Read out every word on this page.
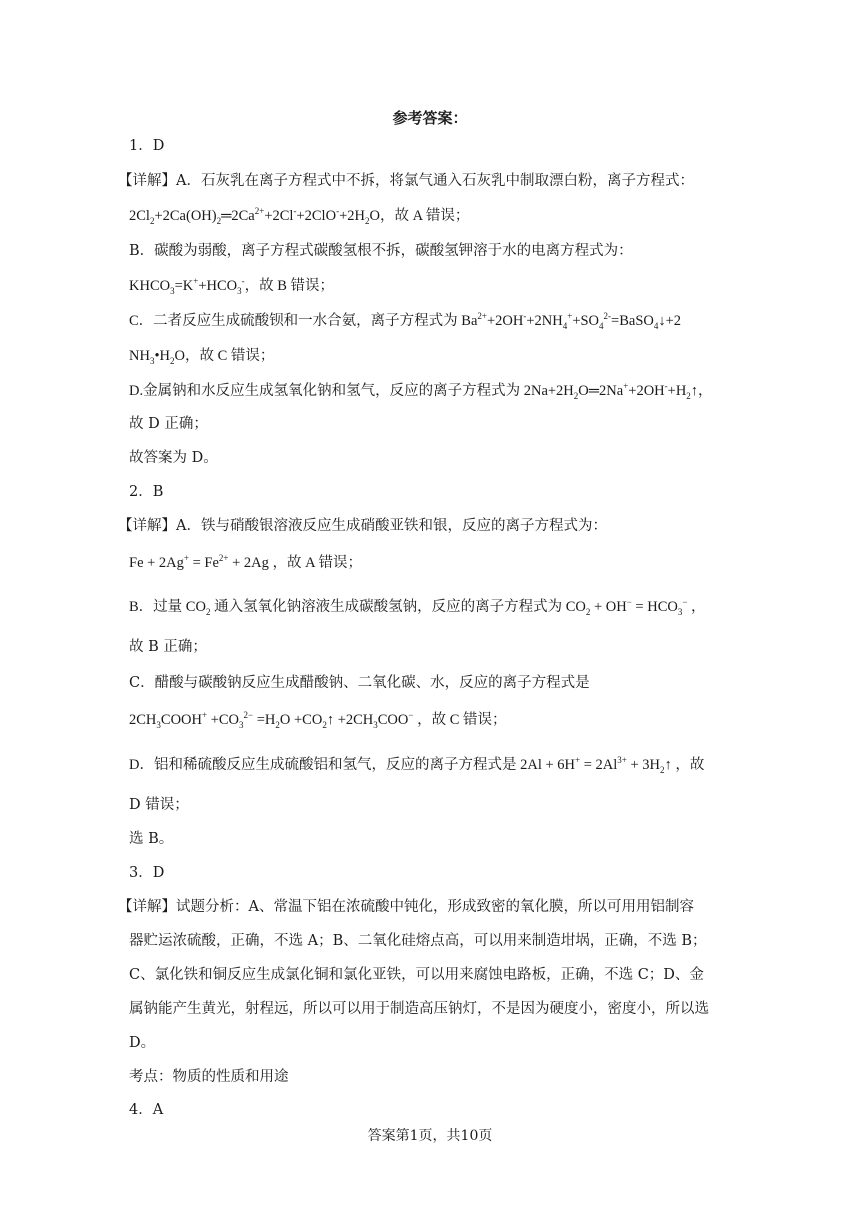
参考答案：
1．D
【详解】A．石灰乳在离子方程式中不拆，将氯气通入石灰乳中制取漂白粉，离子方程式：
$2Cl_2+2Ca(OH)_2═2Ca^{2+}+2Cl^-+2ClO^-+2H_2O$，故 A 错误；
B．碳酸为弱酸，离子方程式碳酸氢根不拆，碳酸氢钾溶于水的电离方程式为：
$KHCO_3=K^++HCO_3^-$，故 B 错误；
C．二者反应生成硫酸钡和一水合氨，离子方程式为 $Ba^{2+}+2OH^-+2NH_4^++SO_4^{2-}=BaSO_4↓+2$
$NH_3•H_2O$，故 C 错误；
D.金属钠和水反应生成氢氧化钠和氢气，反应的离子方程式为 $2Na+2H_2O═2Na^++2OH^-+H_2↑$，
故 D 正确；
故答案为 D。
2．B
【详解】A．铁与硝酸银溶液反应生成硝酸亚铁和银，反应的离子方程式为：
$Fe + 2Ag^+ = Fe^{2+} + 2Ag$ ，故 A 错误；
B．过量 $CO_2$ 通入氢氧化钠溶液生成碳酸氢钠，反应的离子方程式为 $CO_2 + OH^- = HCO_3^-$ ，
故 B 正确；
C．醋酸与碳酸钠反应生成醋酸钠、二氧化碳、水，反应的离子方程式是
$2CH_3COOH^+ +CO_3^{2-} =H_2O$ $+CO_2↑ +2CH_3COO^-$ ，故 C 错误；
D．铝和稀硫酸反应生成硫酸铝和氢气，反应的离子方程式是 $2Al + 6H^+ = 2Al^{3+}$ + $3H_2↑$ ，故
D 错误；
选 B。
3．D
【详解】试题分析：A、常温下铝在浓硫酸中钝化，形成致密的氧化膜，所以可用用铝制容
器贮运浓硫酸，正确，不选 A；B、二氧化硅熔点高，可以用来制造坩埚，正确，不选 B；
C、氯化铁和铜反应生成氯化铜和氯化亚铁，可以用来腐蚀电路板，正确，不选 C；D、金
属钠能产生黄光，射程远，所以可以用于制造高压钠灯，不是因为硬度小，密度小，所以选
D。
考点：物质的性质和用途
4．A
答案第1页，共10页
